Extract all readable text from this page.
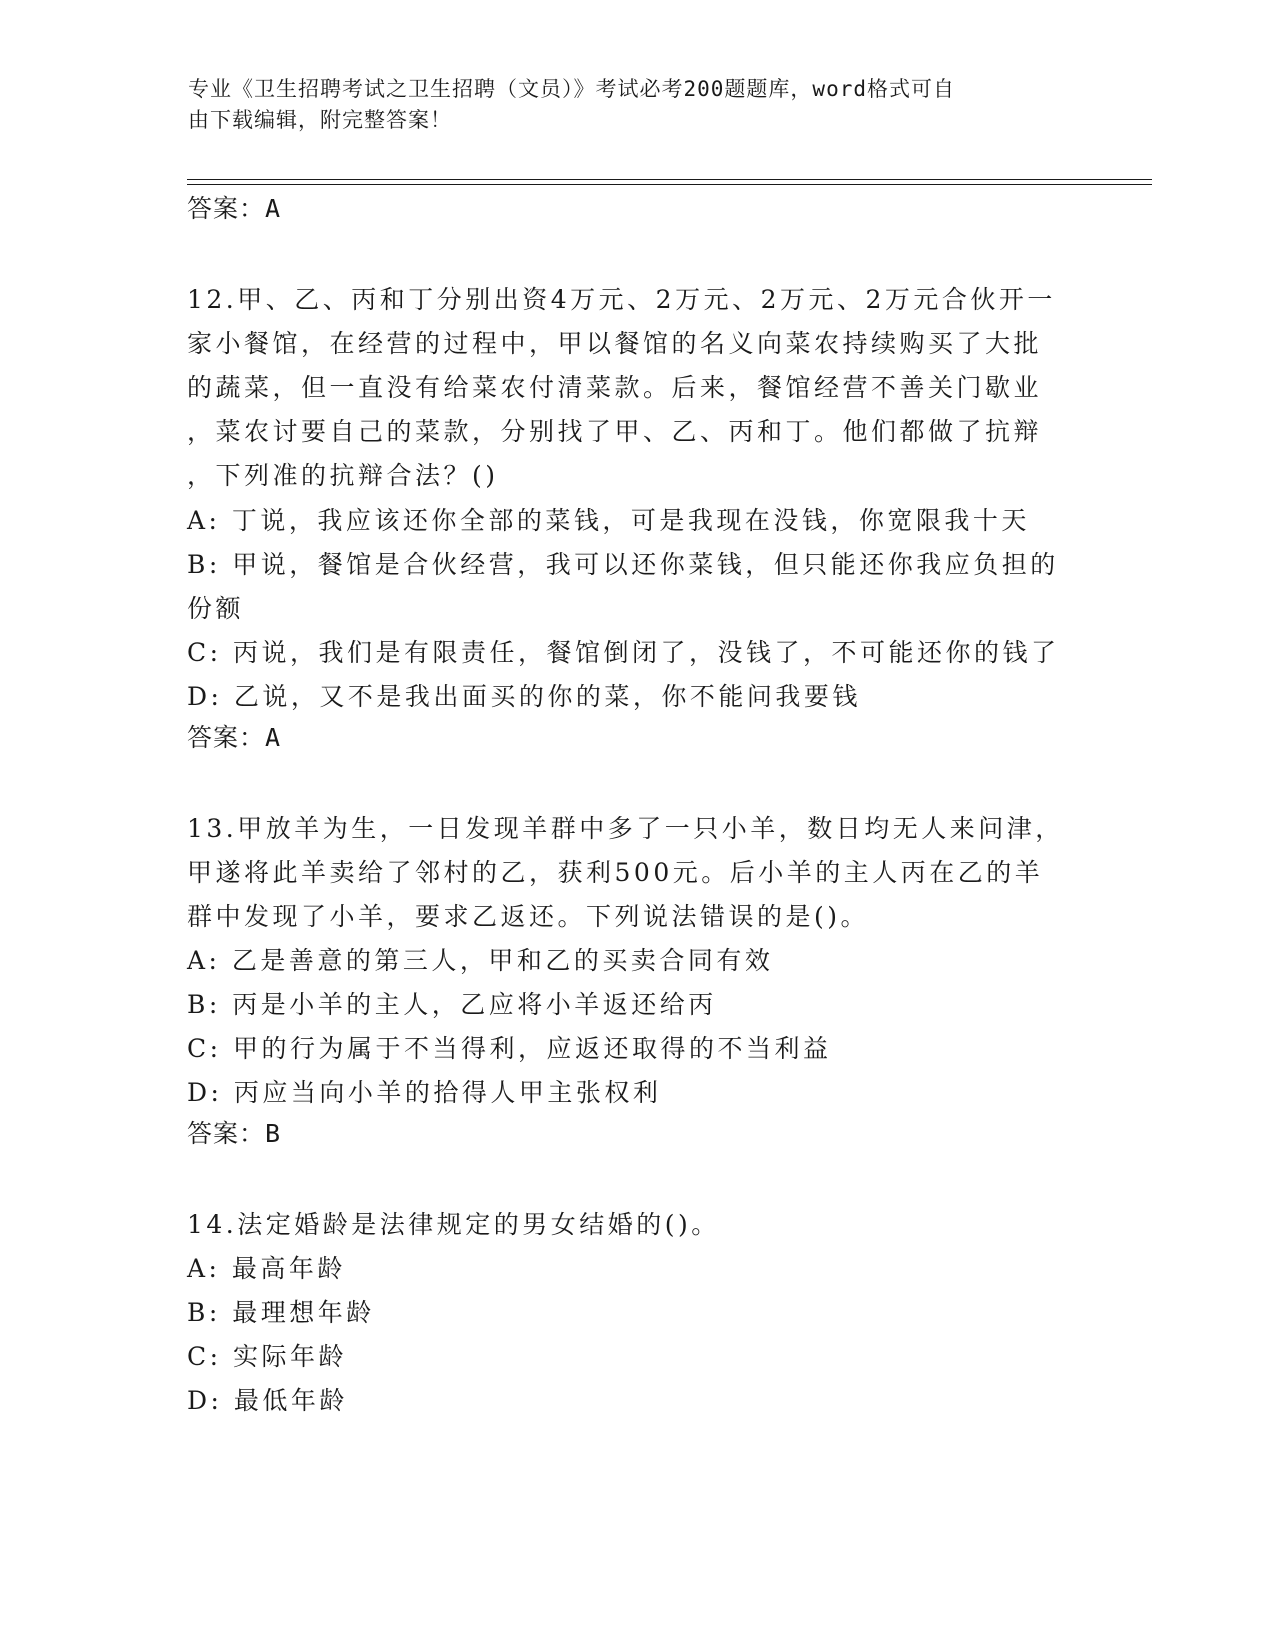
专业《卫生招聘考试之卫生招聘（文员）》考试必考200题题库，word格式可自
由下载编辑，附完整答案！
答案：A
12.甲、乙、丙和丁分别出资4万元、2万元、2万元、2万元合伙开一
家小餐馆，在经营的过程中，甲以餐馆的名义向菜农持续购买了大批
的蔬菜，但一直没有给菜农付清菜款。后来，餐馆经营不善关门歇业
，菜农讨要自己的菜款，分别找了甲、乙、丙和丁。他们都做了抗辩
，下列准的抗辩合法？()
A: 丁说，我应该还你全部的菜钱，可是我现在没钱，你宽限我十天
B: 甲说，餐馆是合伙经营，我可以还你菜钱，但只能还你我应负担的
份额
C: 丙说，我们是有限责任，餐馆倒闭了，没钱了，不可能还你的钱了
D: 乙说，又不是我出面买的你的菜，你不能问我要钱
答案：A
13.甲放羊为生，一日发现羊群中多了一只小羊，数日均无人来问津，
甲遂将此羊卖给了邻村的乙，获利500元。后小羊的主人丙在乙的羊
群中发现了小羊，要求乙返还。下列说法错误的是()。
A: 乙是善意的第三人，甲和乙的买卖合同有效
B: 丙是小羊的主人，乙应将小羊返还给丙
C: 甲的行为属于不当得利，应返还取得的不当利益
D: 丙应当向小羊的拾得人甲主张权利
答案：B
14.法定婚龄是法律规定的男女结婚的()。
A: 最高年龄
B: 最理想年龄
C: 实际年龄
D: 最低年龄
